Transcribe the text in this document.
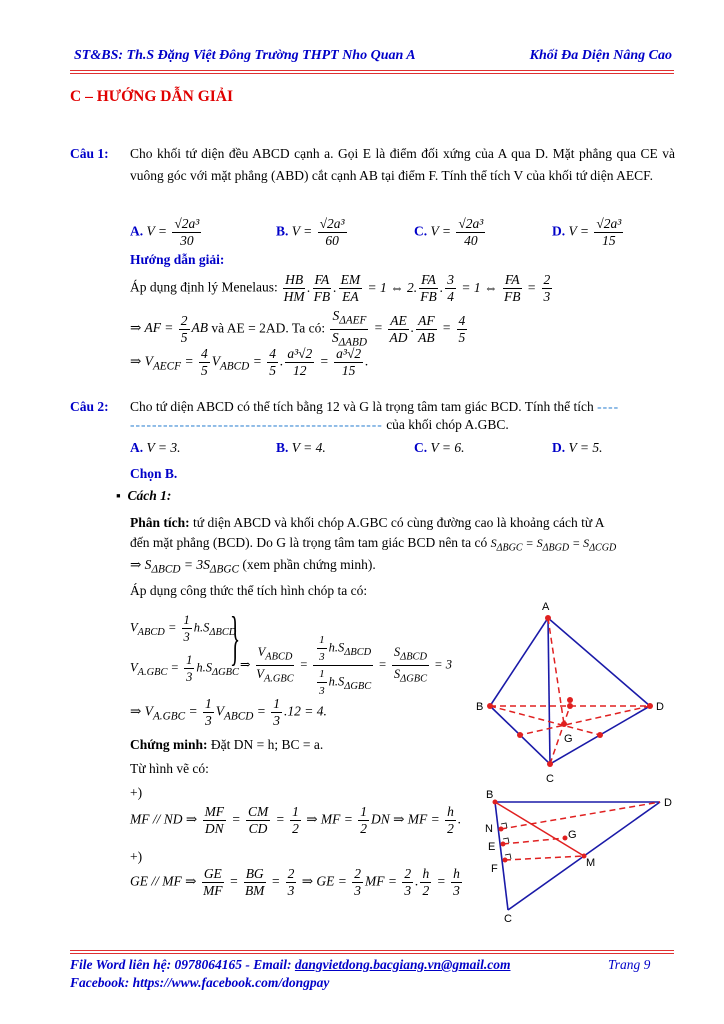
ST&BS: Th.S Đặng Việt Đông Trường THPT Nho Quan A	Khối Đa Diện Nâng Cao
C – HƯỚNG DẪN GIẢI
Câu 1: Cho khối tứ diện đều ABCD cạnh a. Gọi E là điểm đối xứng của A qua D. Mặt phẳng qua CE và vuông góc với mặt phẳng (ABD) cắt cạnh AB tại điểm F. Tính thể tích V của khối tứ diện AECF.
A. $V = \frac{\text{√2a³}}{30}$	B. $V = \frac{\text{√2a³}}{60}$	C. $V = \frac{\text{√2a³}}{40}$	D. $V = \frac{\text{√2a³}}{15}$
Hướng dẫn giải:
Áp dụng định lý Menelaus: $\frac{HB}{HM}$ . $\frac{FA}{FB}$ . $\frac{EM}{EA} = 1$ ⇔ 2. $\frac{FA}{FB}$ . $\frac{3}{4} = 1$ ⇔ $\frac{FA}{FB} = \frac{2}{3}$
⇒ AF = $\frac{2}{5}$ AB và AE = 2AD. Ta có: $\frac{S_{\Delta AEF}}{S_{\Delta ABD}} = \frac{AE}{AD}$ . $\frac{AF}{AB} = \frac{4}{5}$
⇒ $V_{AECF} = \frac{4}{5} V_{ABCD} = \frac{4}{5}$ . $\frac{\text{a³√2}}{12} = \frac{\text{a³√2}}{15}$ .
Câu 2: Cho tứ diện ABCD có thể tích bằng 12 và G là trọng tâm tam giác BCD. Tính thể tích ----
---------------------------------------------- của khối chóp A.GBC.
A. V = 3.	B. V = 4.	C. V = 6.	D. V = 5.
Chọn B.
▪ Cách 1:
Phân tích: tứ diện ABCD và khối chóp A.GBC có cùng đường cao là khoảng cách từ A
đến mặt phẳng (BCD). Do G là trọng tâm tam giác BCD nên ta có $S_{\Delta BGC} = S_{\Delta BGD} = S_{\Delta CGD}$
⇒ $S_{\Delta BCD} = 3S_{\Delta BGC}$ (xem phần chứng minh).
Áp dụng công thức thể tích hình chóp ta có:
$V_{ABCD} = \frac{1}{3} h.S_{\Delta BCD}$
$V_{A.GBC} = \frac{1}{3} h.S_{\Delta GBC}$
} ⇒ $\frac{V_{ABCD}}{V_{A.GBC}} = \frac{\frac{1}{3} h.S_{\Delta BCD}}{\frac{1}{3} h.S_{\Delta GBC}} = \frac{S_{\Delta BCD}}{S_{\Delta GBC}} = 3$
⇒ $V_{A.GBC} = \frac{1}{3} V_{ABCD} = \frac{1}{3} .12 = 4$.
Chứng minh: Đặt DN = h; BC = a.
Từ hình vẽ có:
+)
MF // ND ⇒ $\frac{MF}{DN} = \frac{CM}{CD} = \frac{1}{2}$ ⇒ MF = $\frac{1}{2}$ DN ⇒ MF = $\frac{h}{2}$ .
+)
GE // MF ⇒ $\frac{GE}{MF} = \frac{BG}{BM} = \frac{2}{3}$ ⇒ GE = $\frac{2}{3}$ MF = $\frac{2}{3}$ . $\frac{h}{2} = \frac{h}{3}$
A
B	D
C
G
B
D
N	G
E
F	M
C
File Word liên hệ: 0978064165 - Email: dangvietdong.bacgiang.vn@gmail.com	Trang 9
Facebook: https://www.facebook.com/dongpay
